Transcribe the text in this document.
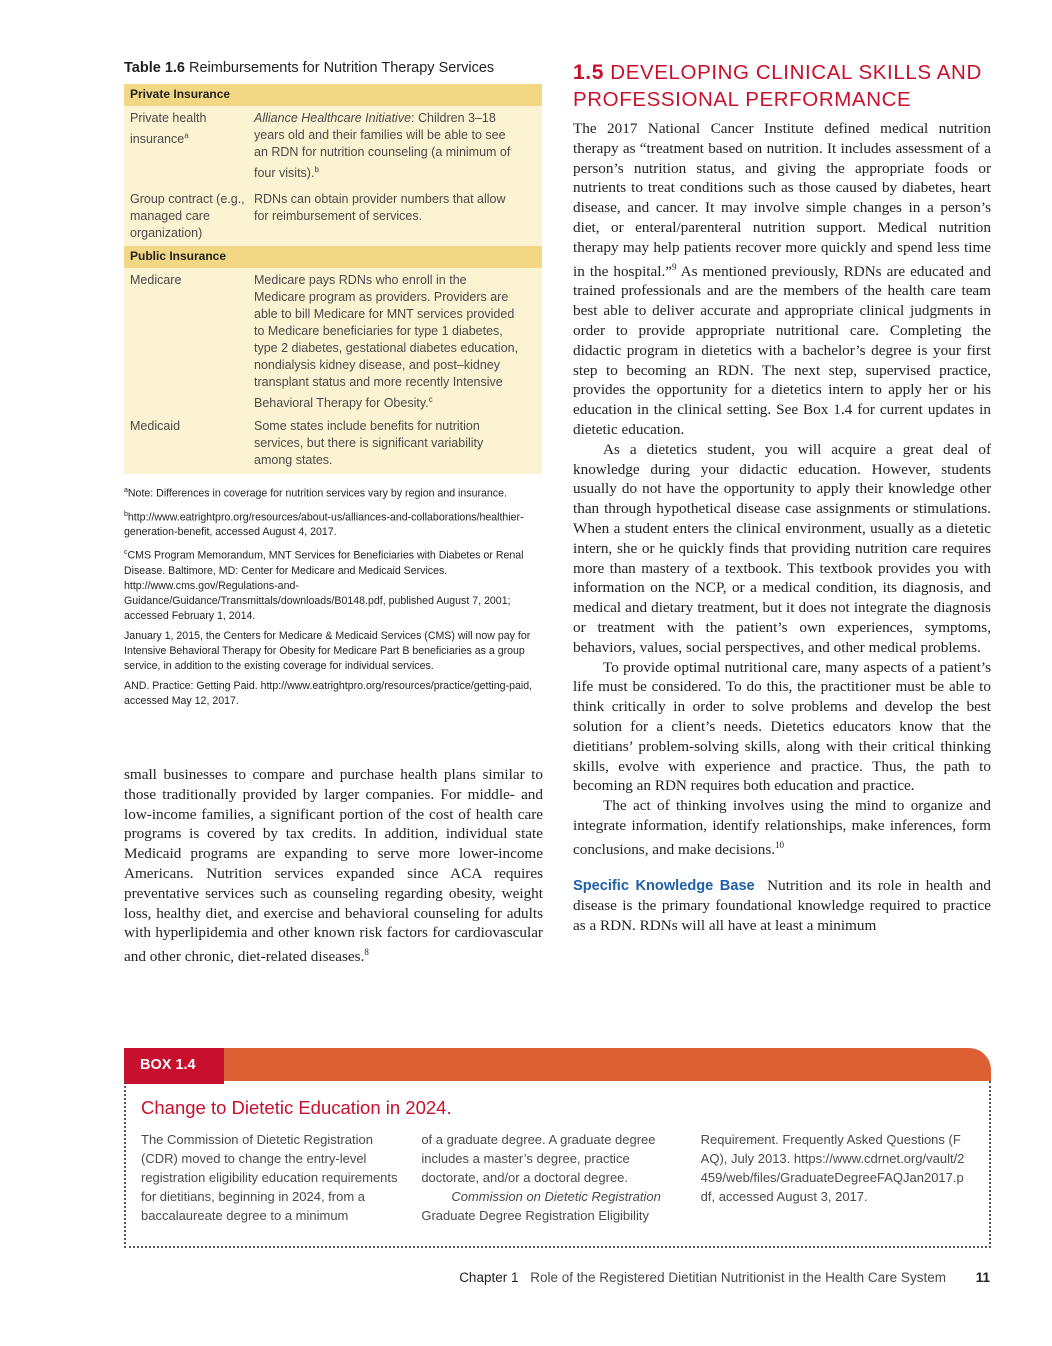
Table 1.6 Reimbursements for Nutrition Therapy Services
Private Insurance
Private health insurance$^a$
Alliance Healthcare Initiative: Children 3–18 years old and their families will be able to see an RDN for nutrition counseling (a minimum of four visits).$^b$
Group contract (e.g., managed care organization)
RDNs can obtain provider numbers that allow for reimbursement of services.
Public Insurance
Medicare	Medicare pays RDNs who enroll in the Medicare program as providers. Providers are able to bill Medicare for MNT services provided to Medicare beneficiaries for type 1 diabetes, type 2 diabetes, gestational diabetes education, nondialysis kidney disease, and post–kidney transplant status and more recently Intensive Behavioral Therapy for Obesity.$^c$
Medicaid	Some states include benefits for nutrition services, but there is significant variability among states.

$^a$Note: Differences in coverage for nutrition services vary by region and insurance.

$^b$http://www.eatrightpro.org/resources/about-us/alliances-and-collaborations/healthier-generation-benefit, accessed August 4, 2017.

$^c$CMS Program Memorandum, MNT Services for Beneficiaries with Diabetes or Renal Disease. Baltimore, MD: Center for Medicare and Medicaid Services. http://www.cms.gov/Regulations-and-Guidance/Guidance/Transmittals/downloads/B0148.pdf, published August 7, 2001; accessed February 1, 2014.

January 1, 2015, the Centers for Medicare & Medicaid Services (CMS) will now pay for Intensive Behavioral Therapy for Obesity for Medicare Part B beneficiaries as a group service, in addition to the existing coverage for individual services.

AND. Practice: Getting Paid. http://www.eatrightpro.org/resources/practice/getting-paid, accessed May 12, 2017.

small businesses to compare and purchase health plans similar to those traditionally provided by larger companies. For middle- and low-income families, a significant portion of the cost of health care programs is covered by tax credits. In addition, individual state Medicaid programs are expanding to serve more lower-income Americans. Nutrition services expanded since ACA requires preventative services such as counseling regarding obesity, weight loss, healthy diet, and exercise and behavioral counseling for adults with hyperlipidemia and other known risk factors for cardiovascular and other chronic, diet-related diseases.$^8$
1.5 DEVELOPING CLINICAL SKILLS AND PROFESSIONAL PERFORMANCE

The 2017 National Cancer Institute defined medical nutrition therapy as “treatment based on nutrition. It includes assessment of a person’s nutrition status, and giving the appropriate foods or nutrients to treat conditions such as those caused by diabetes, heart disease, and cancer. It may involve simple changes in a person’s diet, or enteral/parenteral nutrition support. Medical nutrition therapy may help patients recover more quickly and spend less time in the hospital.”$^9$ As mentioned previously, RDNs are educated and trained professionals and are the members of the health care team best able to deliver accurate and appropriate clinical judgments in order to provide appropriate nutritional care. Completing the didactic program in dietetics with a bachelor’s degree is your first step to becoming an RDN. The next step, supervised practice, provides the opportunity for a dietetics intern to apply her or his education in the clinical setting. See Box 1.4 for current updates in dietetic education.

As a dietetics student, you will acquire a great deal of knowledge during your didactic education. However, students usually do not have the opportunity to apply their knowledge other than through hypothetical disease case assignments or stimulations. When a student enters the clinical environment, usually as a dietetic intern, she or he quickly finds that providing nutrition care requires more than mastery of a textbook. This textbook provides you with information on the NCP, or a medical condition, its diagnosis, and medical and dietary treatment, but it does not integrate the diagnosis or treatment with the patient’s own experiences, symptoms, behaviors, values, social perspectives, and other medical problems.

To provide optimal nutritional care, many aspects of a patient’s life must be considered. To do this, the practitioner must be able to think critically in order to solve problems and develop the best solution for a client’s needs. Dietetics educators know that the dietitians’ problem-solving skills, along with their critical thinking skills, evolve with experience and practice. Thus, the path to becoming an RDN requires both education and practice.

The act of thinking involves using the mind to organize and integrate information, identify relationships, make inferences, form conclusions, and make decisions.$^{10}$

Specific Knowledge Base Nutrition and its role in health and disease is the primary foundational knowledge required to practice as a RDN. RDNs will all have at least a minimum

BOX 1.4
Change to Dietetic Education in 2024.
The Commission of Dietetic Registration (CDR) moved to change the entry-level registration eligibility education requirements for dietitians, beginning in 2024, from a baccalaureate degree to a minimum
of a graduate degree. A graduate degree includes a master’s degree, practice doctorate, and/or a doctoral degree.
Commission on Dietetic Registration
Graduate Degree Registration Eligibility
Requirement. Frequently Asked Questions (FAQ), July 2013. https://www.cdrnet.org/vault/2459/web/files/GraduateDegreeFAQJan2017.pdf, accessed August 3, 2017.
Chapter 1 Role of the Registered Dietitian Nutritionist in the Health Care System 11
